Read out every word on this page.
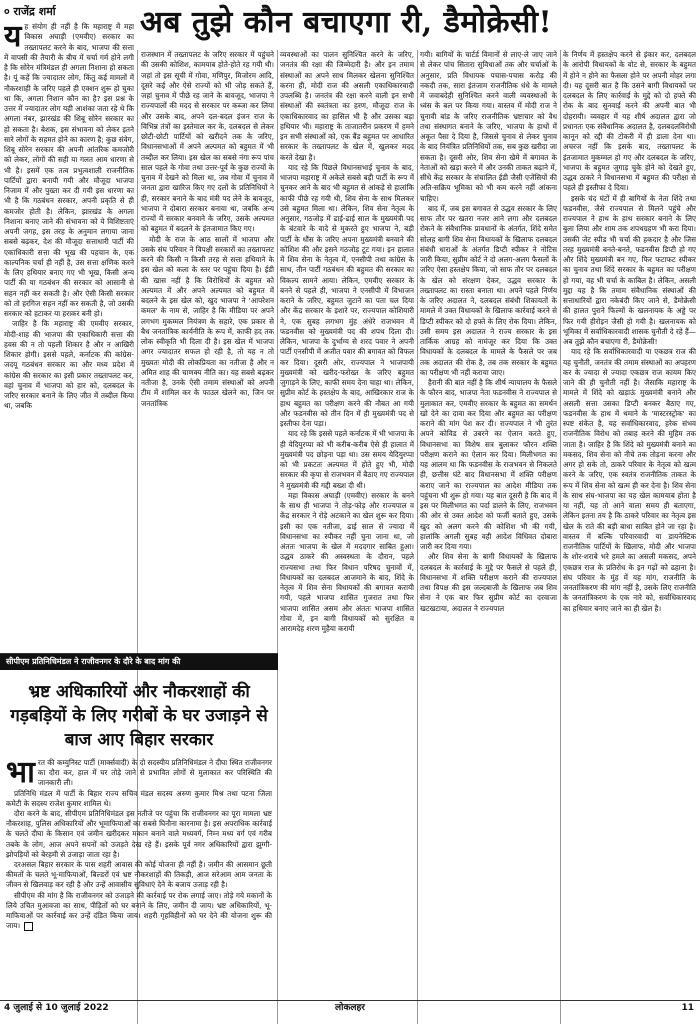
० राजेंद्र शर्मा	अब तुझे कौन बचाएगा री, डैमोक्रेसी!

यह संयोग ही नहीं है कि महाराष्ट्र में महा विकास अघाड़ी (एमवीए) सरकार का तख्तापलट करने के बाद, भाजपा की सत्ता में वापसी की तैयारी के बीच में चर्चा गर्म होने लगी है कि सोरेन मंत्रिमंडल ही अगला निशाना हो सकता है। यूं कहें कि ज्यादातर लोग, किंतु कई मामलों में नौकरशाही के जरिए पहले ही एक्शन शुरू हो चुका था कि, अगला निशान कौन का है? इस प्रश्न के उत्तर में ज्यादातर लोग यही आशंका जता रहे थे कि अगला नंबर, झारखंड की शिबू सोरेन सरकार का हो सकता है। बेशक, इस संभावना को लेकर इतने सारे लोगों के सहमत होने का कारण है; कुछ संवेग, शिबू सोरेन सरकार की अपनी आंतरिक कमजोरी को लेकर, लोगों की सही या गलत आम धारणा से भी है। इसमें एक तत्व प्रभुत्वशाली राजनीतिक पार्टियों द्वारा बनायी गयी और मौजूदा भाजपा निजाम में और पुख्ता कर दी गयी इस धारणा का भी है कि गठबंधन सरकार, अपनी प्रकृति से ही कमजोर होती है। लेकिन, झारखंड के अगला निशाना बनाए जाने की संभावना को ये विशिष्टताएं अपनी जगह, इस तरह के अनुमान लगाया जाना सबसे बढ़कर, देश की मौजूदा सत्ताधारी पार्टी की एकाधिकारी सत्ता की भूख की पहचान के, एक काल्पनिक चर्चा ही नहीं है, उस सत्ता क्षणिक करने के लिए हथियार बनाए गए भी भूख, किसी अन्य पार्टी की या गठबंधन की सरकार को आसानी से सहन नहीं कर सकती है। और ऐसी किसी सरकार को तो हरगिज सहन नहीं कर सकती है, जो उसकी सरकार को हटाकर या हराकर बनी हो।

जाहिर है कि महाराष्ट्र की एमवीए सरकार, मोदी-शाह की भाजपा की एकाधिकारी सत्ता की हवस की न तो पहली शिकार है और न आखिरी शिकार होगी। इससे पहले, कर्नाटक की कांग्रेस-जदयू गठबंधन सरकार का और मध्य प्रदेश में कांग्रेस की सरकार का इसी प्रकार तख्तापलट कर, वहां चुनाव में भाजपा को हार को, दलबदल के जरिए सरकार बनाने के लिए जीत में तब्दील किया था, जबकि

राजस्थान में तख्तापलट के जरिए सरकार में पहुंचने की उसकी कोशिश, कामयाब होते-होते रह गयी थी। जहां तो इस सूची में गोवा, मणिपुर, मिजोरम आदि, दूसरे कई और ऐसे राज्यों को भी जोड़ सकते हैं, जहां चुनाव में पीछे रह जाने के बावजूद, भाजपा ने राज्यपालों की मदद से सरकार पर कब्जा कर लिया और उसके बाद, अपने दल-बदल इंजन राज के विभिन्न तंत्रों का इस्तेमाल कर के, दलबदल से लेकर छोटी-छोटी पार्टियों को खरीदने तक के जरिए, विधानसभाओं में अपने अल्पमत को बहुमत में भी तब्दील कर लिया। इस खेल का सबसे नंगा रूप पांच साल पहले के गोवा तथा उत्तर-पूर्व के कुछ राज्यों के चुनाव में देखने को मिला था, जब गोवा में चुनाव में जनता द्वारा खारिज किए गए दलों के प्रतिनिधियों ने ही, सरकार बनाने के बाद मंत्री पद लेने के बावजूद, भाजपा ने दोबारा सरकार बनाया था, जबकि अन्य राज्यों में सरकार बनवाने के जरिए, उसके अल्पमत को बहुमत में बदलने के इंतजामात किए गए।

मोदी के राज के आठ सालों में भाजपा और उसके संघ परिवार ने विपक्षी सरकारों का तख्तापलट करने की किसी न किसी तरह से सत्ता हथियाने के इस खेल को कला के स्तर पर पहुंचा दिया है। ईडी की खास नहीं है कि विरोधियों के बहुमत को अल्पमत में और अपने अल्पमत को बहुमत में बदलने के इस खेल को, खुद भाजपा ने 'आपरेशन कमल' के नाम से, जाहिर है कि मीडिया पर अपने लगभग मुकम्मल नियंत्रण के सहारे, एक प्रकार से बैध जनतांत्रिक कार्यनीति के रूप में, काफी हद तक लोक स्वीकृति भी दिला दी है। इस खेल में भाजपा अगर ज्यादातर सफल हो रही है, तो यह न तो मुख्यतः मोदी की लोकप्रियता का नतीजा है और न अमित शाह की चाणक्य नीति का। यह सबसे बढ़कर नतीजा है, उनके ऐसी तमाम संस्थाओं को अपनी टीम में शामिल कर के फाउल खेलने का, जिन पर जनतांत्रिक

व्यवस्थाओं का पालन सुनिश्चित करने के जरिए, जनतंत्र की रक्षा की जिम्मेदारी है। और इन तमाम संस्थाओं का अपने साथ मिलकर खेलना सुनिश्चित करना ही, मोदी राज की असली एकाधिकारवादी उपलब्धि है। जनतंत्र की रक्षा करने वाली इन सभी संस्थाओं की स्वतंत्रता का हरण, मौजूदा राज के एकाधिकारवाद का हासिल भी है और उसका बड़ा हथियार भी। महाराष्ट्र के ताजातरीन प्रकरण में हमने इन सभी संस्थाओं को, एक बैंड बहुमत पर आधारित सरकार के तख्तापलट के खेल में, खुलकर मदद करते देखा है।

याद रहे कि पिछले विधानसभाई चुनाव के बाद, भाजपा महाराष्ट्र में अकेले सबसे बड़ी पार्टी के रूप में चुनकर आने के बाद भी बहुमत से आंकड़े से हालांकि काफी पीछे रह गयी थी, शिव सेना के साथ मिलकर उसे बहुमत मिला था। लेकिन, शिव सेना नेतृत्व के अनुसार, गठजोड़ में ढाई-ढाई साल के मुख्यमंत्री पद के बंटवारे के वादे से मुकरते हुए भाजपा ने, बड़ी पार्टी के धौंस के जरिए अपना मुख्यमंत्री बनवाने की कोशिश की और इसने गठजोड़ टूट गया। इन हालात में शिव सेना के नेतृत्व में, एनसीपी तथा कांग्रेस के साथ, तीन पार्टी गठबंधन की बहुमत की सरकार का विकल्प सामने आया। लेकिन, एमवीए सरकार के बनने से पहले ही, भाजपा ने एनसीपी में विभाजन कराने के जरिए, बहुमत जुटाने का पता चल दिया और केंद्र सरकार के इशारे पर, राज्यपाल कोशियारी ने, एक सुबह लगभग मुंह अंधेरे राजभवन में फडनवीस को मुख्यमंत्री पद की शपथ दिला दी। लेकिन, भाजपा के दुर्भाग्य से शरद पवार ने अपनी पार्टी एनसीपी में अजीत पवार की बगावत को विफल कर दिया। दूसरी ओर, राज्यपाल ने भाजपायी मुख्यमंत्री को खरीद-फरोख्त के जरिए बहुमत जुगाड़ने के लिए, काफी समय देना चाहा था। लेकिन, सुप्रीम कोर्ट के हस्तक्षेप के बाद, आखिरकार राज के हाथ बहुमत का परीक्षण करने की नौबत आ गयी और फडनवीस को तीन दिन में ही मुख्यमंत्री पद से इस्तीफा देना पड़ा।

याद रहे कि इससे पहले कर्नाटक में भी भाजपा के ही येदियुरप्पा को भी करीब-करीब ऐसे ही हालात में मुख्यमंत्री पद छोड़ना पड़ा था। उस समय येदियुरप्पा को भी प्रकटतः अल्पमत में होते हुए भी, मोदी सरकार की कृपा से राजभवन में बैठाए गए राज्यपाल ने मुख्यमंत्री की गद्दी बख्श दी थी।

महा विकास अघाड़ी (एमवीए) सरकार के बनने के साथ ही भाजपा ने तोड़-फोड़ और राज्यपाल व केंद्र सरकार ने रोड़े अटकाने का खेल शुरू कर दिया। इसी का एक नतीजा, ढाई साल से ज्यादा में विधानसभा का स्पीकर नहीं चुना जाना था, जो अंततः भाजपा के खेल में मददगार साबित हुआ। उद्धव ठाकरे की अस्वस्थता के दौरान, पहले राज्यसभा तथा फिर विधान परिषद चुनावों में, विधायकों का दलबदल आजमाने के बाद, शिंदे के नेतृत्व में शिव सेना विधायकों की बगावत करायी गयी, पहले भाजपा शासित गुजरात तथा फिर भाजपा शासित असम और अंततः भाजपा शासित गोवा में, इन बागी विधायकों को सुरक्षित व आरामदेह शरण मुहैया करायी

गयी। बागियों के चार्टर्ड विमानों से लाए-ले जाए जाने से लेकर पांच सितारा सुविधाओं तक और चर्चाओं के अनुसार, प्रति विधायक पचास-पचास करोड़ की नकदी तक, सारा इंतजाम राजनीतिक धंधे के मामले में जवाबदेही सुनिश्चित करने वाली व्यवस्थाओं के ध्वंस के बल पर किया गया। वास्तव में मोदी राज ने चुनावी बांड के जरिए राजनीतिक भ्रष्टाचार को वैध तथा संस्थागत बनाने के जरिए, भाजपा के हाथों में अकूत पैसा दे दिया है, जिससे चुनाव से लेकर चुनाव के बाद नियंत्रित प्रतिनिधियों तक, सब कुछ खरीदा जा सकता है। दूसरी ओर, शिव सेना खेमे में बगावत के नेताओं को खड़ा करने में और उनकी ताकत बढ़ाने में, सीधे केंद्र सरकार के संचालित ईडी जैसी एजेंसियों की अति-सक्रिय भूमिका को भी कम करने नहीं आंकना चाहिए।

बाद में, जब इस बगावत से उद्धव सरकार के लिए साफ तौर पर खतरा नजर आने लगा और दलबदल रोकने के संवैधानिक प्रावधानों के अंतर्गत, शिंदे समेत सोलह बागी शिव सेना विधायकों के खिलाफ दलबदल संबंधी धाराओं के अंतर्गत डिप्टी स्पीकर ने नोटिस जारी किया, सुप्रीम कोर्ट ने दो अलग-अलग फैसलों के जरिए ऐसा हस्तक्षेप किया, जो साफ तौर पर दलबदल के खेल को संरक्षण देकर, उद्धव सरकार के तख्तापलट का रास्ता बनाता था। अपने पहले निर्णय के जरिए अदालत ने, दलबदल संबंधी शिकायतों के मामले में उक्त विधायकों के खिलाफ कार्रवाई करने से डिप्टी स्पीकर को दो हफ्ते के लिए रोक दिया। लेकिन, उसी समय इस अदालत ने राज्य सरकार के इस तार्किक आग्रह को नामंजूर कर दिया कि उक्त विधायकों के दलबदल के मामले के फैसले पर जब तक अदालत की रोक है, तब तक सरकार के बहुमत का परीक्षण भी नहीं कराया जाए।

हैरानी की बात नहीं है कि शीर्ष न्यायालय के फैसले के फौरन बाद, भाजपा नेता फडनवीस ने राज्यपाल से मुलाकात कर, एमवीए सरकार के बहुमत का समर्थन खो देने का दावा कर दिया और बहुमत का परीक्षण कराने की मांग पेश कर दी। राज्यपाल ने भी तुरंत अपने कोविड से उबरने का ऐलान करते हुए, विधानसभा का विशेष सत्र बुलाकर फौरन शक्ति परीक्षण कराने का ऐलान कर दिया। मिलीभगत का यह आलम था कि फडनवीस के राजभवन से निकलते ही, छत्तीस घंटे बाद विधानसभा में शक्ति परीक्षण कराए जाने का राज्यपाल का आदेश मीडिया तक पहुंचना भी शुरू हो गया। यह बात दूसरी है कि बाद में इस पर मिलीभगत का पर्दा डालने के लिए, राजभवन की ओर से उक्त आदेश को फर्जी बताते हुए, उसके खुद को अलग करने की कोशिश भी की गयी, हालांकि अगली सुबह वही आदेश विधिवत दोबारा जारी कर दिया गया।

और शिव सेना के बागी विधायकों के खिलाफ दलबदल के कार्रवाई के मुद्दे पर फैसले से पहले ही, विधानसभा में शक्ति परीक्षण कराने की राज्यपाल तथा विपक्ष की इस जल्दबाजी के खिलाफ जब शिव सेना ने एक बार फिर सुप्रीम कोर्ट का दरवाजा खटखटाया, अदालत ने राज्यपाल

के निर्णय में हस्तक्षेप करने से इंकार कर, दलबदल के आरोपी विधायकों के वोट से, सरकार के बहुमत में होने न होने का फैसला होने पर अपनी मोहर लगा दी। यह दूसरी बात है कि उसने बागी विधायकों पर दलबदल के लिए कार्रवाई के मुद्दे को दो हफ्ते की रोक के बाद सुनवाई करने की अपनी बात भी दोहरायी। व्यवहार में यह शीर्ष अदालत द्वारा जो प्रधानतः एक संवैधानिक अदालत है, दलबदलविरोधी कानून को रद्दी की टोकरी में ही डाला देना था। अचरज नहीं कि इसके बाद, तख्तापलट के इंतजामात मुकम्मल हो गए और दलबदल के जरिए, भाजपा के बहुमत जुगाड़ चुके होने को देखते हुए, उद्धव ठाकरे ने विधानसभा में बहुमत की परीक्षा से पहले ही इस्तीफा दे दिया।

इसके चंद घंटों में ही बागियों के नेता शिंदे तथा फडनवीस, जैसे राज्यपाल से मिलने पहुंचे और राज्यपाल ने हाथ के हाथ सरकार बनाने के लिए बुला लिया और शाम तक शपथग्रहण भी करा दिया। उसकी जेट स्पीड भी चर्चा की हकदार है और जिस तरह मुख्यमंत्री बनते-बनते, फडनवीस डिप्टी हो गए और शिंदे मुख्यमंत्री बन गए, फिर फटाफट स्पीकर का चुनाव तथा शिंदे सरकार के बहुमत का परीक्षण हो गया, वह भी चर्चा के काबिल है। लेकिन, असली मुद्दा यह है कि तमाम संवैधानिक संस्थाओं की सत्ताधारियों द्वारा नकेबंदी किए जाने से, डैमोक्रेसी की हालत पुराने फिल्मों के खलनायक के अड्डे पर फिर गयी हीरोइन जैसी हो गयी है। खलनायक को भूमिका में सर्वाधिकारवादी शासक चुनौती दे रहे हैं—अब तुझे कौन बचाएगा री, डैमोक्रेसी!

याद रहे कि सर्वाधिकारवादी या एकछत्र राज की यह चुनौती, जनतंत्र की तमाम संस्थाओं का अपहरण कर के ज्यादा से ज्यादा एकछत्र राज कायम किए जाने की ही चुनौती नहीं है। जैसाकि महाराष्ट्र के मामले में शिंदे को खड़ाऊं मुख्यमंत्री बनाने और असली सत्ता उसका डिप्टी बनकर बैठाए गए, फडनवीस के हाथ में थमाने के 'मास्टरस्ट्रोक' का स्पष्ट संकेत है, यह सर्वाधिकारवाद, हरेक संभव राजनीतिक विरोध को तबाह करने की मुहिम तक जाता है। जाहिर है कि शिंदे को मुख्यमंत्री बनाने का मकसद, शिव सेना को नीचे तक तोड़ना करना और अगर हो सके तो, ठाकरे परिवार के नेतृत्व को खत्म करने के जरिए, एक स्वतंत्र राजनीतिक ताकत के रूप में शिव सेना को खत्म ही कर देना है। शिव सेना के साथ संघ-भाजपा का यह खेल कामयाब होता है या नहीं, यह तो आने वाला समय ही बताएगा, लेकिन इतना तय है कि ठाकरे परिवार का नेतृत्व इस खेल के राते की बड़ी बाधा साबित होने जा रहा है। वास्तव में बल्कि परिवारवादी या डायनेस्टिक राजनीतिक पार्टियों के खिलाफ, मोदी और भाजपा के शोर-शराबे भरे हमले का असली मकसद, अपने एकछत्र राज के प्रतिरोध के इन गढ़ों को ढहाना है। संघ परिवार के मुंह में यह मांग, राजनीति के जनतांत्रिकरण की मांग नहीं है, उसके लिए राजनीति के जनतांत्रिकरण के एक नारे को, सर्वाधिकारवाद का हथियार बनाए जाने का ही खेल है।

सीपीएम प्रतिनिधिमंडल ने राजीवनगर के दौरे के बाद मांग की
भ्रष्ट अधिकारियों और नौकरशाहों की गड़बड़ियों के लिए गरीबों के घर उजाड़ने से बाज आए बिहार सरकार

भारत की कम्युनिस्ट पार्टी (मार्क्सवादी) के दो सदस्यीय प्रतिनिधिमंडल ने दीघा स्थित राजीवनगर का दौरा कर, हाल में घर तोड़े जाने से प्रभावित लोगों से मुलाकात कर परिस्थिति की जानकारी ली।

प्रतिनिधि मंडल में पार्टी के बिहार राज्य सचिव मंडल सदस्य अरुण कुमार मिश्र तथा पटना जिला कमेटी के सदस्य राजेश कुमार शामिल थे।

दौरा करने के बाद, सीपीएम प्रतिनिधिमंडल इस नतीजे पर पहुंचा कि राजीवनगर का पूरा मामला भ्रष्ट नौकरशाह, पुलिस अधिकारियों और भूमाफियाओं का सबसे घिनौना कारनामा है। इस अपराधिक कार्रवाई के चलते दीघा के किसान एवं जमीन खरीदकर मकान बनाने वाले मध्यवर्ग, निम्न मध्य वर्ग एवं गरीब तबके के लोग, आज अपने सपनों को उजड़ते देख रहे हैं। इसके पूर्व नगर अधिकारियों द्वारा झुग्गी-झोपड़ियों को बेरहमी से उजाड़ा जाता रहा है।

दरअसल बिहार सरकार के पास शहरी आवास की कोई योजना ही नहीं है। जमीन की आसमान छूती कीमतों के चलते भू-माफियाओं, बिल्डरों एवं भ्रष्ट नौकरशाहों की तिकड़ी, आज सरेआम आम जनता के जीवन से खिलवाड़ कर रही है और उन्हें आवासीय सुविधाएं देने के बजाय उजाड़ रही है।

सीपीएम की मांग है कि राजीवनगर को उजाड़ने की कार्रवाई पर रोक लगाई जाए। तोड़े गये मकानों के लिये उचित मुआवजा का साथ, पीड़ितों को घर बनाने के लिए, जमीन दी जाय। भ्रष्ट अधिकारियों, भू-माफियाओं पर कार्रवाई कर उन्हें दंडित किया जाय। शहरी गृहविहीनों को घर देने की योजना शुरू की जाय।

4 जुलाई से 10 जुलाई 2022	लोकलहर	11
